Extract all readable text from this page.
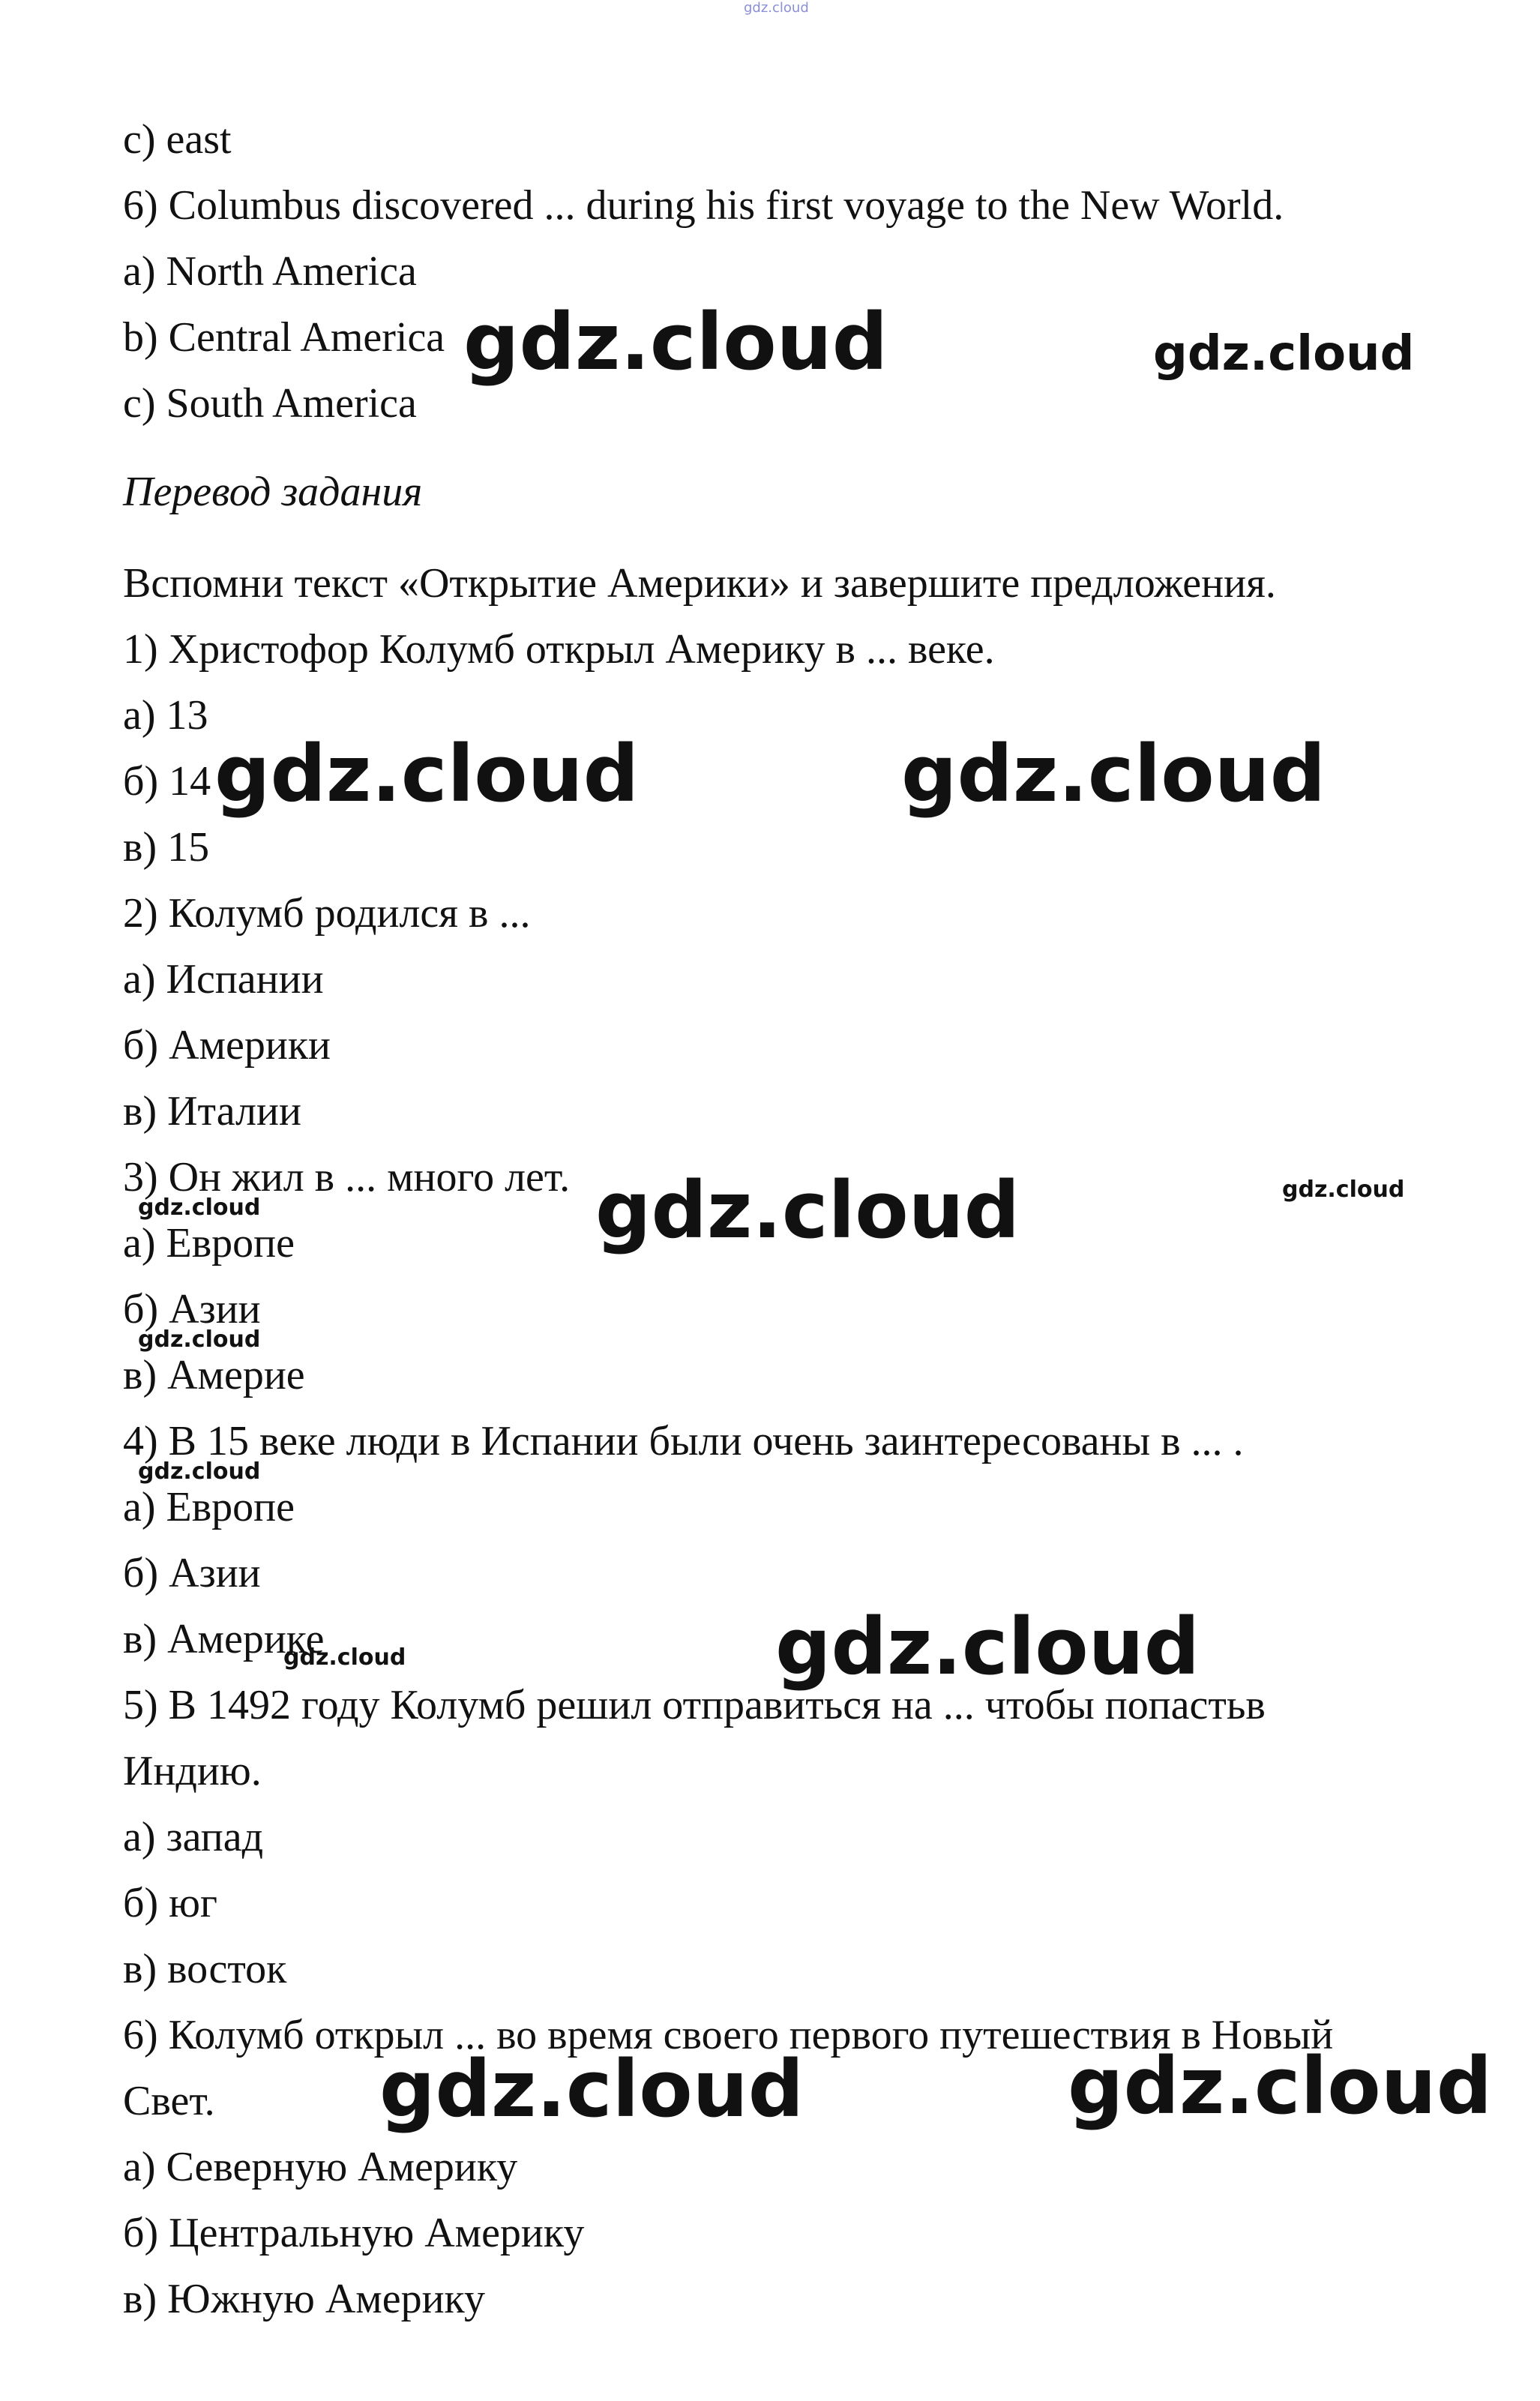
gdz.cloud
c) east
6) Columbus discovered ... during his first voyage to the New World.
a) North America
b) Central America
c) South America
Перевод задания
Вспомни текст «Открытие Америки» и завершите предложения.
1) Христофор Колумб открыл Америку в ... веке.
а) 13
б) 14
в) 15
2) Колумб родился в ...
а) Испании
б) Америки
в) Италии
3) Он жил в ... много лет.
а) Европе
б) Азии
в) Америе
4) В 15 веке люди в Испании были очень заинтересованы в ... .
а) Европе
б) Азии
в) Америке
5) В 1492 году Колумб решил отправиться на ... чтобы попастьв
Индию.
а) запад
б) юг
в) восток
6) Колумб открыл ... во время своего первого путешествия в Новый
Свет.
а) Северную Америку
б) Центральную Америку
в) Южную Америку
gdz.cloud	gdz.cloud
gdz.cloud	gdz.cloud
gdz.cloud	gdz.cloud
gdz.cloud
gdz.cloud
gdz.cloud
gdz.cloud
gdz.cloud
gdz.cloud	gdz.cloud
